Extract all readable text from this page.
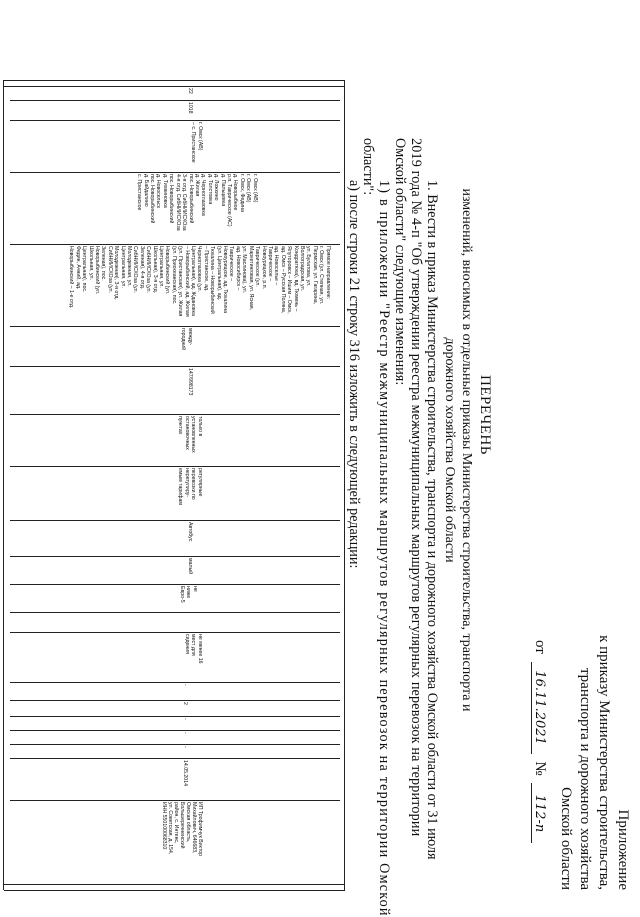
Приложение
к приказу Министерства строительства,
транспорта и дорожного хозяйства
Омской области
от 16.11.2021 № 112-п
ПЕРЕЧЕНЬ
изменений, вносимых в отдельные приказы Министерства строительства, транспорта и
дорожного хозяйства Омской области
1. Внести в приказ Министерства строительства, транспорта и дорожного хозяйства Омской области от 31 июля
2019 года № 4-п "Об утверждении реестра межмуниципальных маршрутов регулярных перевозок на территории
Омской области" следующие изменения:
1) в приложении "Реестр межмуниципальных маршрутов регулярных перевозок на территории Омской
области":
а) после строки 21 строку 316 изложить в следующей редакции:

22

1018

г. Омск (АВ)
– с. Пристанское

г. Омск (АВ)
г. Омск (АВ)
г. Омск, Федина
д. Новорыбное
р.п. Таврическое (АС)
д. Пальцевка
д. Ложкино
д. Толстовка
д. Черноглазовка
д. Жилая
пос. Новорыбинский
3-я отд. СибНИИСХОза
4-я отд. СибНИИСХОза
пос. Новорыбинский
д. Тихвиновка
д. Новосельск
пос. Новорыбинский
д. Байдалино
с. Пристанское

Прямое направление:
г. Омск (ул. Степная, ул.
Пермская, ул. Гагарина,
ул. Булатова, ул.
Волгоградская, ул.
Кондратюка), вд. Тюмень –
Ялуторовск – Ишим – Омск,
ад. Омск – Русская Поляна,
ад. Новоселье –
Таврическое –
Новоурицкое, р.п.
Таврическое (ул.
Маркетинговая, ул. Ясная,
ул. Маслинова), ул.
ад. Новосибирск –
Таврическое –
Новоурицкое, ад. Тюкалина
(ул. Центральная), ад.
Тюкалина – Новорыбинский
– Пристанское, ад.
Черноглазовка (ул.
Центральная), ад. Ждановка
– Новорыбинский, ад. Жилая
(ул. Пристанская), ул. Жилая
(ул. Приокеанская), пос.
Новорыбинский (ул.
Центральная, ул.
Школьная), 3-я отд.
СибНИИСХОза (ул.
Зеленая), 4-я отд.
СибНИИСХОза (ул.
Молодежная, ул.
Центральная, ул.
Молодежная), 3-я отд.
СибНИИСХОза (ул.
Зеленая), пос.
Новорыбинский (ул.
Школьная, ул.
Центральная), пос.
Федин, Ачний, ад.
Новорыбинский – 1-е отд.

между-
городний

147/998173

только в
установленных
остановочных
пунктах

регулярные
перевозки по
нерегулиру-
емым тарифам

Автобус

малый

не
ниже
Евро-5

не менее 16
мест для
сидения

-

2

-

-

-

14.05.2014

ИП Трофимчук Виктор
Михайлович, 646683,
Омская область,
Большеречненский
район, с. Интенс,
ул. Советская, д. 154,
ИНН 550100068310
